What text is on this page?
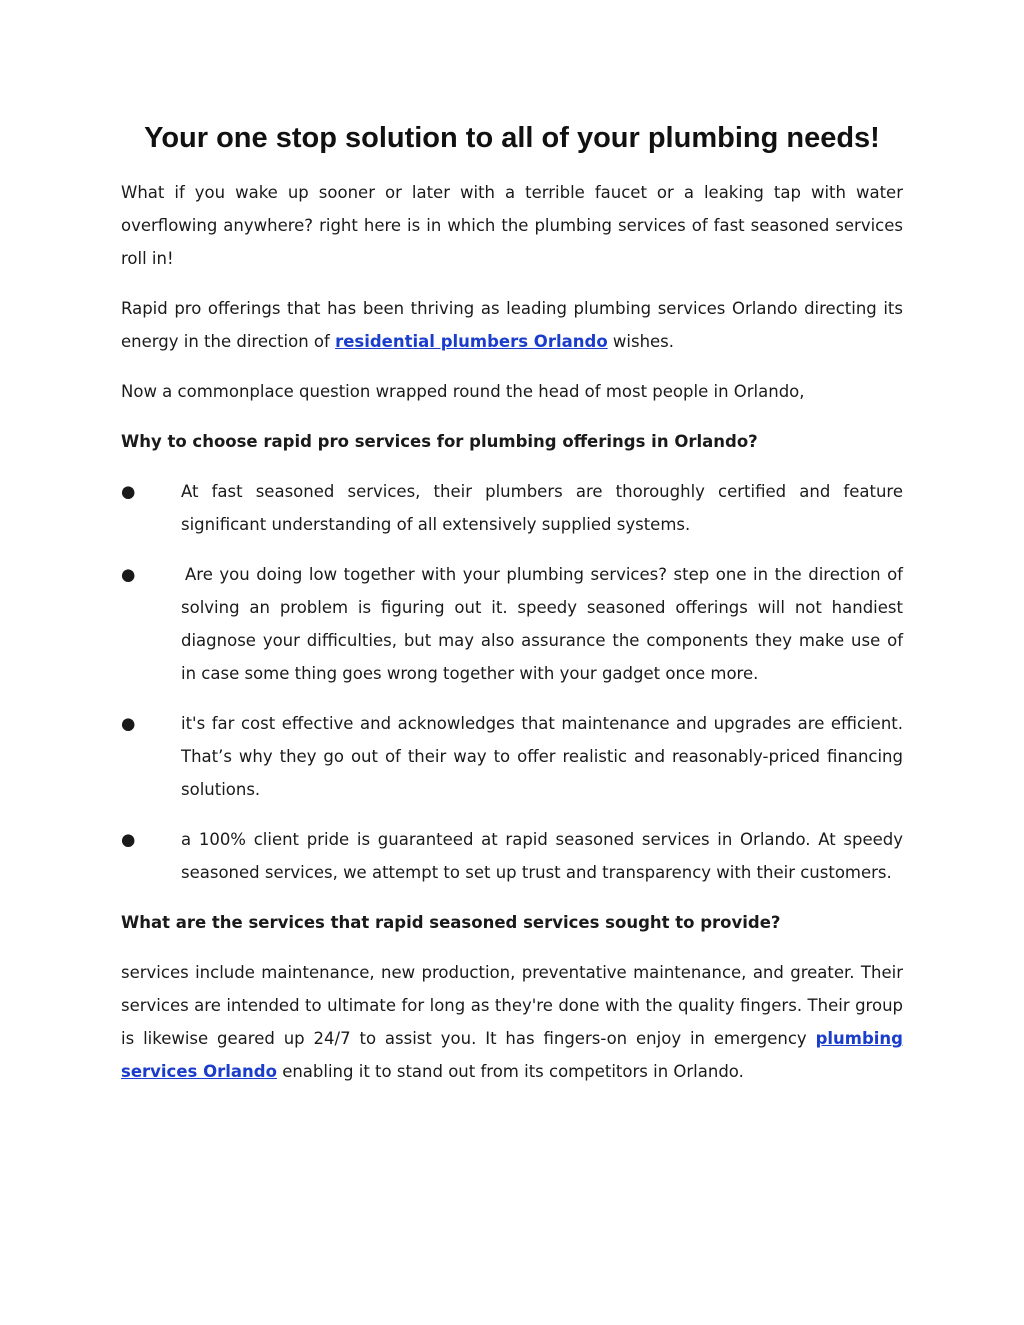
Your one stop solution to all of your plumbing needs!

What if you wake up sooner or later with a terrible faucet or a leaking tap with water overflowing anywhere? right here is in which the plumbing services of fast seasoned services roll in!

Rapid pro offerings that has been thriving as leading plumbing services Orlando directing its energy in the direction of residential plumbers Orlando wishes.

Now a commonplace question wrapped round the head of most people in Orlando,

Why to choose rapid pro services for plumbing offerings in Orlando?

●	At fast seasoned services, their plumbers are thoroughly certified and feature significant understanding of all extensively supplied systems.
●	Are you doing low together with your plumbing services? step one in the direction of solving an problem is figuring out it. speedy seasoned offerings will not handiest diagnose your difficulties, but may also assurance the components they make use of in case some thing goes wrong together with your gadget once more.
●	it's far cost effective and acknowledges that maintenance and upgrades are efficient. That’s why they go out of their way to offer realistic and reasonably-priced financing solutions.
●	a 100% client pride is guaranteed at rapid seasoned services in Orlando. At speedy seasoned services, we attempt to set up trust and transparency with their customers.

What are the services that rapid seasoned services sought to provide?

services include maintenance, new production, preventative maintenance, and greater. Their services are intended to ultimate for long as they're done with the quality fingers. Their group is likewise geared up 24/7 to assist you. It has fingers-on enjoy in emergency plumbing services Orlando enabling it to stand out from its competitors in Orlando.
